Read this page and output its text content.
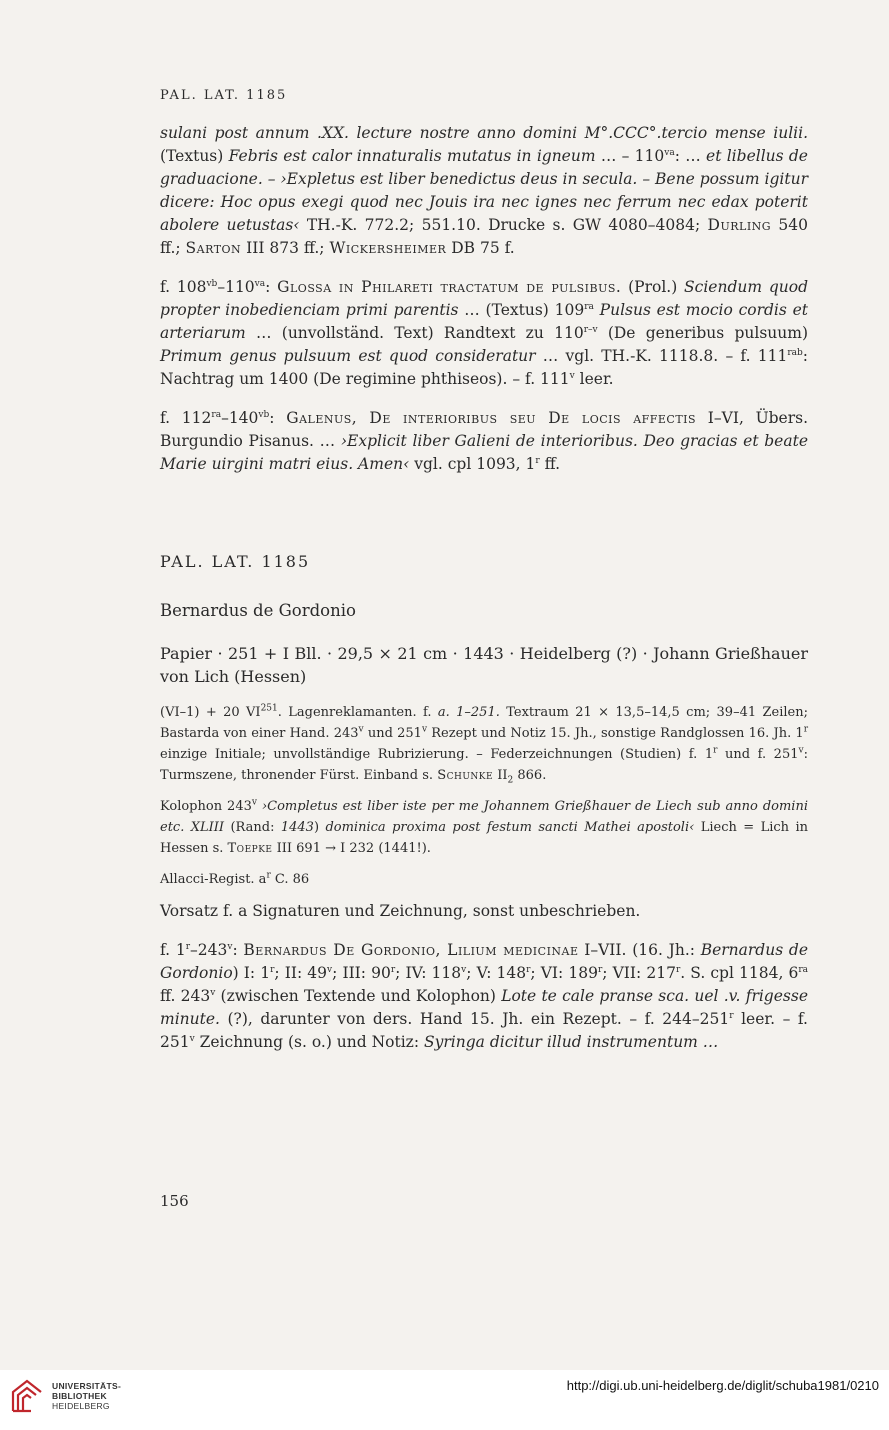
PAL. LAT. 1185

sulani post annum .XX. lecture nostre anno domini M°.CCC°.tercio mense iulii. (Textus) Febris est calor innaturalis mutatus in igneum … – $110^{va}$: … et libellus de graduacione. – ›Expletus est liber benedictus deus in secula. – Bene possum igitur dicere: Hoc opus exegi quod nec Jouis ira nec ignes nec ferrum nec edax poterit abolere uetustas‹ TH.-K. 772.2; 551.10. Drucke s. GW 4080–4084; Durling 540 ff.; Sarton III 873 ff.; Wickersheimer DB 75 f.

f. $108^{vb}-110^{va}$: Glossa in Philareti tractatum de pulsibus. (Prol.) Sciendum quod propter inobedienciam primi parentis … (Textus) $109^{ra}$ Pulsus est mocio cordis et arteriarum … (unvollständ. Text) Randtext zu 110$^{r-v}$ (De generibus pulsuum) Primum genus pulsuum est quod consideratur … vgl. TH.-K. 1118.8. – f. $111^{rab}$: Nachtrag um 1400 (De regimine phthiseos). – f. 111$^v$ leer.

f. $112^{ra}-140^{vb}$: Galenus, De interioribus seu De locis affectis I–VI, Übers. Burgundio Pisanus. … ›Explicit liber Galieni de interioribus. Deo gracias et beate Marie uirgini matri eius. Amen‹ vgl. cpl 1093, 1$^r$ ff.

PAL. LAT. 1185
Bernardus de Gordonio
Papier · 251 + I Bll. · 29,5 × 21 cm · 1443 · Heidelberg (?) · Johann Grießhauer von Lich (Hessen)

(VI–1) + 20 VI$^{251}$. Lagenreklamanten. f. a. 1–251. Textraum 21 × 13,5–14,5 cm; 39–41 Zeilen; Bastarda von einer Hand. 243$^v$ und 251$^v$ Rezept und Notiz 15. Jh., sonstige Randglossen 16. Jh. 1$^r$ einzige Initiale; unvollständige Rubrizierung. – Federzeichnungen (Studien) f. 1$^r$ und f. 251$^v$: Turmszene, thronender Fürst. Einband s. Schunke $II_2$ 866.

Kolophon 243$^v$ ›Completus est liber iste per me Johannem Grießhauer de Liech sub anno domini etc. XLIII (Rand: 1443) dominica proxima post festum sancti Mathei apostoli‹ Liech = Lich in Hessen s. Toepke III 691 → I 232 (1441!).

Allacci-Regist. $a^r$ C. 86

Vorsatz f. a Signaturen und Zeichnung, sonst unbeschrieben.

f. 1$^r$–243$^v$: Bernardus De Gordonio, Lilium medicinae I–VII. (16. Jh.: Bernardus de Gordonio) I: 1$^r$; II: 49$^v$; III: 90$^r$; IV: 118$^v$; V: 148$^r$; VI: 189$^r$; VII: 217$^r$. S. cpl 1184, $6^{ra}$ ff. 243$^v$ (zwischen Textende und Kolophon) Lote te cale pranse sca. uel .v. frigesse minute. (?), darunter von ders. Hand 15. Jh. ein Rezept. – f. 244–251$^r$ leer. – f. 251$^v$ Zeichnung (s. o.) und Notiz: Syringa dicitur illud instrumentum …

156
UNIVERSITÄTS-
BIBLIOTHEK
HEIDELBERG
http://digi.ub.uni-heidelberg.de/diglit/schuba1981/0210
